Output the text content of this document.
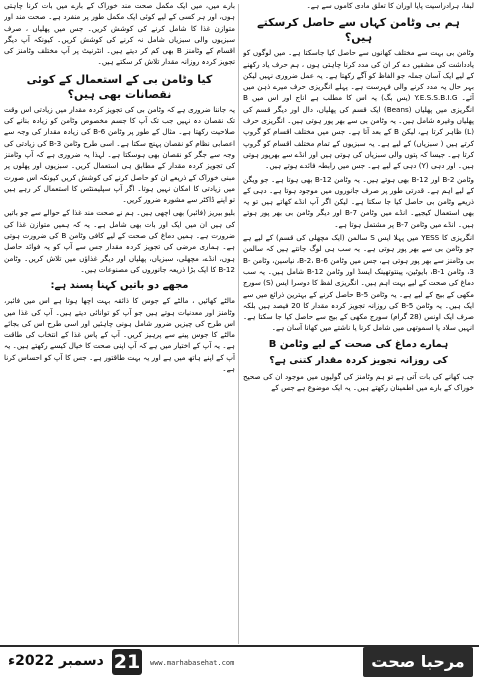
لبفا، ہرادراسیت پایا اوران کا تعلق مادی کاموں سے ہے۔

ہم بی وٹامن کہاں سے حاصل کرسکتے ہیں؟

وٹامن بی بہت سے مختلف کھانوں سے حاصل کیا جاسکتا ہے۔ میں لوگوں کو یادداشت کی مشقیں دے کر ان کی مدد کرنا چاہتی ہوں ، ہم حرف یاد رکھنے کے لیے ایک آسان جملہ جو الفاظ کو آگے رکھتا ہے۔ یہ عمل ضروری نہیں لیکن بہر حال یہ مدد کرنے والی فہرست ہے۔ پہلے انگریزی حرف میرے ذہن میں آئے۔ Y.E.S.S.B.I.G (یس بگ) یہ اس کا مطلب ہے اناج اور اس میں B انگریزی میں پھلیاں (Beans) ایک قسم کی پھلیاں، دال اور دیگر قسم کی پھلیاں وغیرہ شامل ہیں۔ یہ وٹامن بی سے بھر پور ہوتی ہیں۔ انگریزی حرف (L) ظاہر کرتا ہے، لیکن B کے بعد آتا ہے۔ جس میں مختلف اقسام کو گروپ کرتے ہیں ( سبزیاں) کے لیے ہے۔ یہ سبزیوں کے تمام مختلف اقسام کو گروپ کرتا ہے۔ جیسا کہ پتوں والی سبزیاں کی ہوتی ہیں اور انڈے سے بھرپور ہوتی ہیں۔ اور دہی (Y) دہی کے لیے ہے۔ جس میں رابطہ فائدے ہوتے ہیں۔

وٹامن B-2 اور B-12 بھی ہوتے ہیں۔ یہ وٹامن B-12 بھی ہوتا ہے۔ جو ویگن کے لیے اہم ہے۔ قدرتی طور پر صرف جانوروں میں موجود ہوتا ہے۔ دہی کے ذریعے وٹامن بی حاصل کیا جا سکتا ہے۔ لیکن اگر آپ انڈے کھاتے ہیں تو یہ بھی استعمال کیجیے۔ انڈے میں وٹامن B-7 اور دیگر وٹامن بی بھر پور ہوتے ہیں۔ انڈے میں وٹامن B-7 پر مشتمل ہوتا ہے۔

انگریزی کا YESS میں پہلا ایس S سالمن (ایک مچھلی کی قسم) کے لیے ہے جو وٹامن بی سے بھر پور ہوتی ہے۔ یہ سب ہی لوگ جانتے ہیں کہ سالمن بی وٹامنز سے بھر پور ہوتی ہے، جس میں وٹامن B-2، B-6، نیاسین، وٹامن B-3، وٹامن B-1، بایوٹین، پینتوتھینک ایسڈ اور وٹامن B-12 شامل ہیں۔ یہ سب دماغ کی صحت کے لیے بہت اہم ہیں۔ انگریزی لفظ کا دوسرا ایس (S) سورج مکھی کے بیج کے لیے ہے۔ یہ وٹامن B-5 حاصل کرنے کے بہترین ذرائع میں سے ایک ہیں۔ یہ وٹامن B-5 کی روزانہ تجویز کردہ مقدار کا 20 فیصد ہیں بلکہ صرف ایک اونس (28 گرام) سورج مکھی کے بیج سے حاصل کیا جا سکتا ہے۔ انہیں سلاد یا اسموتھی میں شامل کرنا یا ناشتے میں کھانا آسان ہے۔

ہمارے دماغ کی صحت کے لیے وٹامن B
کی روزانہ تجویز کردہ مقدار کتنی ہے؟

جب کھانے کی بات آتی ہے تو ہم وٹامنز کی گولیوں میں موجود ان کی صحیح خوراک کے بارے میں اطمینان رکھتے ہیں۔ یہ ایک موضوع ہے جس کے

بارے میں، میں ایک مکمل صحت مند خوراک کے بارے میں بات کرنا چاہتی ہوں، اور ہر کسی کے لیے کوئی ایک مکمل طور پر منفرد ہے۔ صحت مند اور متوازن غذا کا شامل کرنے کی کوشش کریں۔ جس میں پھلیاں ، صرف سبزیوں والی سبزیاں شامل نہ کرنے کی کوشش کریں۔ کیونکہ آپ دیگر اقسام کے وٹامنز B بھی کم کر دیتے ہیں۔ انٹرنیٹ پر آپ مختلف وٹامنز کی تجویز کردہ روزانہ مقدار تلاش کر سکتے ہیں۔

کیا وٹامن بی کے استعمال کے کوئی نقصانات بھی ہیں؟

یہ جاننا ضروری ہے کہ وٹامن بی کی تجویز کردہ مقدار میں زیادتی اس وقت تک نقصان دہ نہیں جب تک آپ کا جسم مخصوص وٹامن کو زیادہ بنانے کی صلاحیت رکھتا ہے۔ مثال کے طور پر وٹامن B-6 کی زیادہ مقدار کی وجہ سے اعصابی نظام کو نقصان پہنچ سکتا ہے۔ اسی طرح وٹامن B-3 کی زیادتی کی وجہ سے جگر کو نقصان بھی ہوسکتا ہے۔ لہذا یہ ضروری ہے کہ آپ وٹامنز کی تجویز کردہ مقدار کے مطابق ہی استعمال کریں۔ سبزیوں اور پھلوں پر مبنی خوراک کے ذریعے ان کو حاصل کرنے کی کوشش کریں کیونکہ اس صورت میں زیادتی کا امکان نہیں ہوتا۔ اگر آپ سپلیمنٹس کا استعمال کر رہے ہیں تو اپنے ڈاکٹر سے مشورہ ضرور کریں۔

بلیو بیریز (فائبر) بھی اچھی ہیں۔ ہم نے صحت مند غذا کے حوالے سے جو باتیں کی ہیں ان میں ایک اور بات بھی شامل ہے۔ یہ کہ ہمیں متوازن غذا کی ضرورت ہے۔ ہمیں دماغ کی صحت کے لیے کافی وٹامن B کی ضرورت ہوتی ہے۔ ہماری مرضی کی تجویز کردہ مقدار جس سے آپ کو یہ فوائد حاصل ہوں، انڈے، مچھلی، سبزیاں، پھلیاں اور دیگر غذاؤں میں تلاش کریں۔ وٹامن B-12 کا ایک بڑا ذریعہ جانوروں کی مصنوعات ہیں۔

مجھے دو باتیں کہنا پسند ہے:

مالٹے کھائیں ، مالٹے کے جوس کا ذائقہ بہت اچھا ہوتا ہے اس میں فائبر، وٹامنز اور معدنیات ہوتے ہیں جو آپ کو توانائی دیتے ہیں۔ آپ کی غذا میں اس طرح کی چیزیں ضرور شامل ہونی چاہئیں اور اسی طرح اس کی بجائے مالٹے کا جوس پینے سے پرہیز کریں۔ آپ کے پاس غذا کے انتخاب کی طاقت ہے۔ یہ آپ کے اختیار میں ہے کہ آپ اپنی صحت کا خیال کیسے رکھتے ہیں۔ یہ آپ کے اپنے ہاتھ میں ہے اور یہ بہت طاقتور ہے۔ جس کا آپ کو احساس کرنا ہے۔

دسمبر 2022ء 21 www.marhabasehat.com	مرحبا صحت
